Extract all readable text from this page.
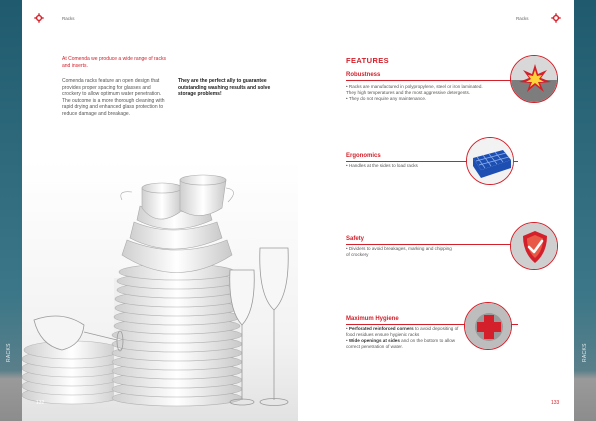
RACKS	RACKS
Racks
At Comenda we produce a wide range of racks and inserts.
Comenda racks feature an open design that provides proper spacing for glasses and crockery to allow optimum water penetration. The outcome is a more thorough cleaning with rapid drying and enhanced glass protection to reduce damage and breakage.
They are the perfect ally to guarantee outstanding washing results and solve storage problems!
132
Racks
FEATURES
Robustness
• Racks are manufactured in polypropylene, steel or iron laminated. They high temperatures and the most aggressive detergents.
• They do not require any maintenance.
Ergonomics
• Handles at the sides to load racks
Safety
• Dividers to avoid breakages, marking and chipping of crockery
Maximum Hygiene
• Perforated reinforced corners to avoid depositing of food residues ensure hygienic racks
• Wide openings at sides and on the bottom to allow correct penetration of water.
133
